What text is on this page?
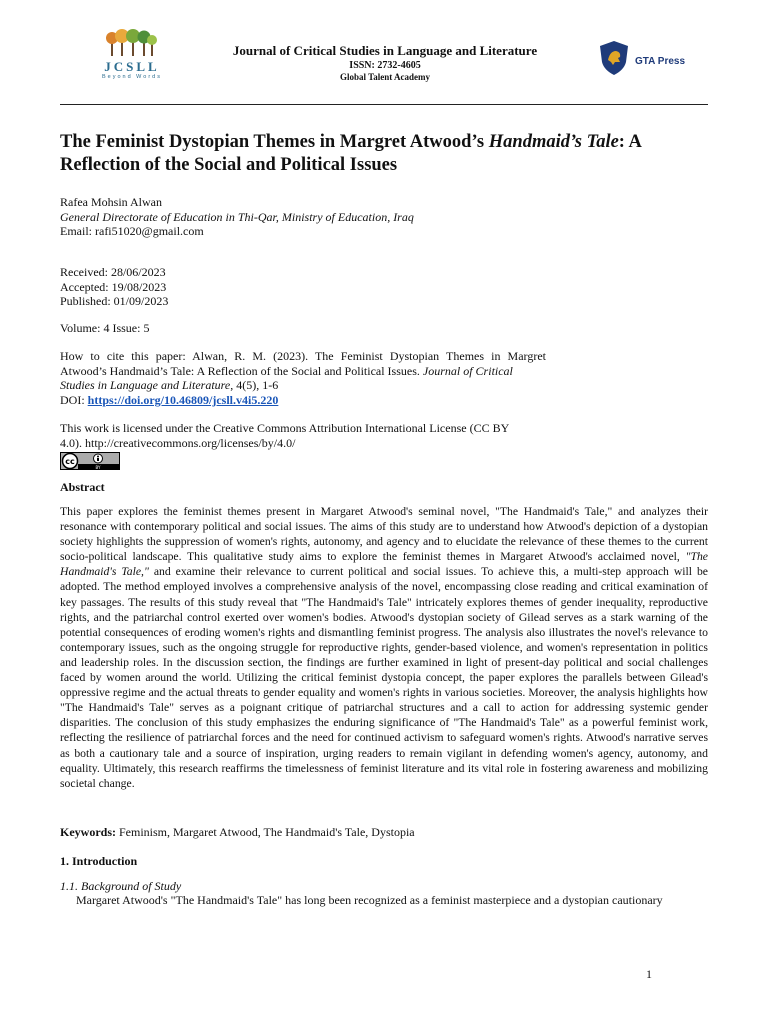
JCSLL
Beyond Words
Journal of Critical Studies in Language and Literature
ISSN: 2732-4605
Global Talent Academy
GTA Press
The Feminist Dystopian Themes in Margret Atwood’s Handmaid’s Tale: A Reflection of the Social and Political Issues
Rafea Mohsin Alwan
General Directorate of Education in Thi-Qar, Ministry of Education, Iraq
Email: rafi51020@gmail.com
Received: 28/06/2023
Accepted: 19/08/2023
Published: 01/09/2023
Volume: 4 Issue: 5
How to cite this paper: Alwan, R. M. (2023). The Feminist Dystopian Themes in Margret
Atwood’s Handmaid’s Tale: A Reflection of the Social and Political Issues. Journal of Critical
Studies in Language and Literature, 4(5), 1-6
DOI: https://doi.org/10.46809/jcsll.v4i5.220
This work is licensed under the Creative Commons Attribution International License (CC BY
4.0). http://creativecommons.org/licenses/by/4.0/
cc
BY
Abstract
This paper explores the feminist themes present in Margaret Atwood's seminal novel, "The Handmaid's Tale," and analyzes their resonance with contemporary political and social issues. The aims of this study are to understand how Atwood's depiction of a dystopian society highlights the suppression of women's rights, autonomy, and agency and to elucidate the relevance of these themes to the current socio-political landscape. This qualitative study aims to explore the feminist themes in Margaret Atwood's acclaimed novel, "The Handmaid's Tale," and examine their relevance to current political and social issues. To achieve this, a multi-step approach will be adopted. The method employed involves a comprehensive analysis of the novel, encompassing close reading and critical examination of key passages. The results of this study reveal that "The Handmaid's Tale" intricately explores themes of gender inequality, reproductive rights, and the patriarchal control exerted over women's bodies. Atwood's dystopian society of Gilead serves as a stark warning of the potential consequences of eroding women's rights and dismantling feminist progress. The analysis also illustrates the novel's relevance to contemporary issues, such as the ongoing struggle for reproductive rights, gender-based violence, and women's representation in politics and leadership roles. In the discussion section, the findings are further examined in light of present-day political and social challenges faced by women around the world. Utilizing the critical feminist dystopia concept, the paper explores the parallels between Gilead's oppressive regime and the actual threats to gender equality and women's rights in various societies. Moreover, the analysis highlights how "The Handmaid's Tale" serves as a poignant critique of patriarchal structures and a call to action for addressing systemic gender disparities. The conclusion of this study emphasizes the enduring significance of "The Handmaid's Tale" as a powerful feminist work, reflecting the resilience of patriarchal forces and the need for continued activism to safeguard women's rights. Atwood's narrative serves as both a cautionary tale and a source of inspiration, urging readers to remain vigilant in defending women's agency, autonomy, and equality. Ultimately, this research reaffirms the timelessness of feminist literature and its vital role in fostering awareness and mobilizing societal change.
Keywords: Feminism, Margaret Atwood, The Handmaid's Tale, Dystopia
1. Introduction
1.1. Background of Study
Margaret Atwood's "The Handmaid's Tale" has long been recognized as a feminist masterpiece and a dystopian cautionary
1
